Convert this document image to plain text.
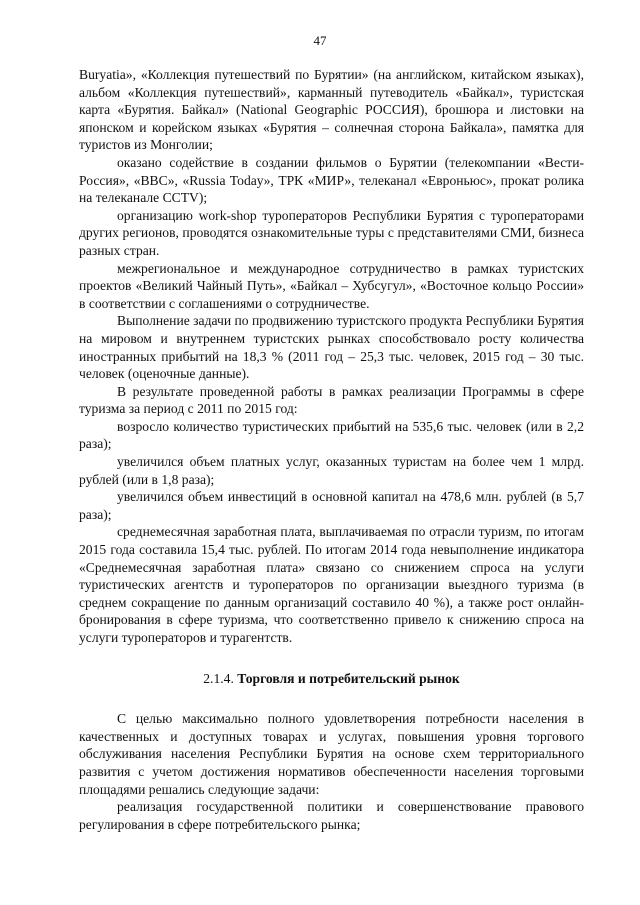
47

Buryatia», «Коллекция путешествий по Бурятии» (на английском, китайском языках), альбом «Коллекция путешествий», карманный путеводитель «Байкал», туристская карта «Бурятия. Байкал» (National Geographic РОССИЯ), брошюра и листовки на японском и корейском языках «Бурятия – солнечная сторона Байкала», памятка для туристов из Монголии;

оказано содействие в создании фильмов о Бурятии (телекомпании «Вести-Россия», «BBC», «Russia Today», ТРК «МИР», телеканал «Евроньюс», прокат ролика на телеканале CCTV);

организацию work-shop туроператоров Республики Бурятия с туроператорами других регионов, проводятся ознакомительные туры с представителями СМИ, бизнеса разных стран.

межрегиональное и международное сотрудничество в рамках туристских проектов «Великий Чайный Путь», «Байкал – Хубсугул», «Восточное кольцо России» в соответствии с соглашениями о сотрудничестве.

Выполнение задачи по продвижению туристского продукта Республики Бурятия на мировом и внутреннем туристских рынках способствовало росту количества иностранных прибытий на 18,3 % (2011 год – 25,3 тыс. человек, 2015 год – 30 тыс. человек (оценочные данные).

В результате проведенной работы в рамках реализации Программы в сфере туризма за период с 2011 по 2015 год:

возросло количество туристических прибытий на 535,6 тыс. человек (или в 2,2 раза);

увеличился объем платных услуг, оказанных туристам на более чем 1 млрд. рублей (или в 1,8 раза);

увеличился объем инвестиций в основной капитал на 478,6 млн. рублей (в 5,7 раза);

среднемесячная заработная плата, выплачиваемая по отрасли туризм, по итогам 2015 года составила 15,4 тыс. рублей. По итогам 2014 года невыполнение индикатора «Среднемесячная заработная плата» связано со снижением спроса на услуги туристических агентств и туроператоров по организации выездного туризма (в среднем сокращение по данным организаций составило 40 %), а также рост онлайн-бронирования в сфере туризма, что соответственно привело к снижению спроса на услуги туроператоров и турагентств.

2.1.4. Торговля и потребительский рынок

С целью максимально полного удовлетворения потребности населения в качественных и доступных товарах и услугах, повышения уровня торгового обслуживания населения Республики Бурятия на основе схем территориального развития с учетом достижения нормативов обеспеченности населения торговыми площадями решались следующие задачи:

реализация государственной политики и совершенствование правового регулирования в сфере потребительского рынка;
